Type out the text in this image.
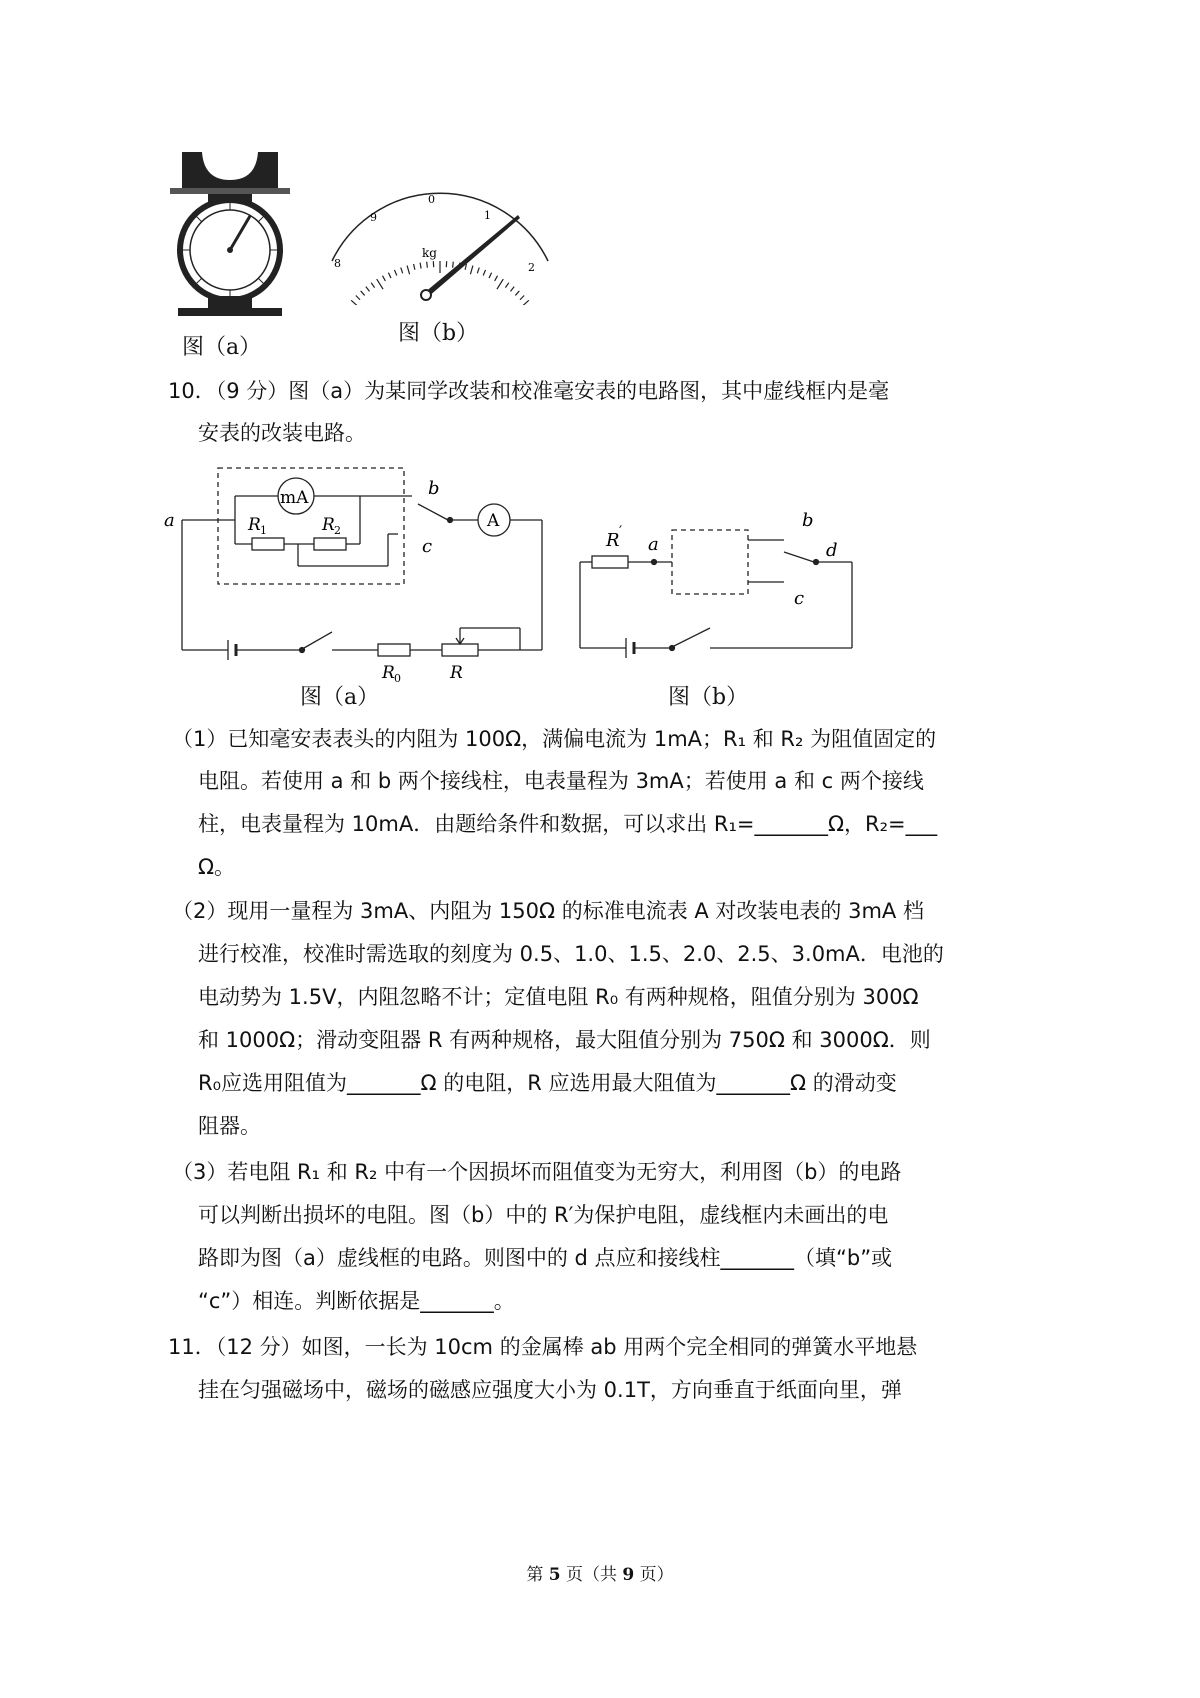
图（a）
8
9
0
1
2
kg
图（b）
10．（9 分）图（a）为某同学改装和校准毫安表的电路图，其中虚线框内是毫
安表的改装电路。
a
b
c
mA
A
R 1	R 2
R 0	R
图（a）
R ′
a
b
d
c
图（b）
（1）已知毫安表表头的内阻为 100Ω，满偏电流为 1mA；R₁ 和 R₂ 为阻值固定的
电阻。若使用 a 和 b 两个接线柱，电表量程为 3mA；若使用 a 和 c 两个接线
柱，电表量程为 10mA．由题给条件和数据，可以求出 R₁=_______Ω，R₂=___
Ω。
（2）现用一量程为 3mA、内阻为 150Ω 的标准电流表 A 对改装电表的 3mA 档
进行校准，校准时需选取的刻度为 0.5、1.0、1.5、2.0、2.5、3.0mA．电池的
电动势为 1.5V，内阻忽略不计；定值电阻 R₀ 有两种规格，阻值分别为 300Ω
和 1000Ω；滑动变阻器 R 有两种规格，最大阻值分别为 750Ω 和 3000Ω．则
R₀应选用阻值为_______Ω 的电阻，R 应选用最大阻值为_______Ω 的滑动变
阻器。
（3）若电阻 R₁ 和 R₂ 中有一个因损坏而阻值变为无穷大，利用图（b）的电路
可以判断出损坏的电阻。图（b）中的 R′为保护电阻，虚线框内未画出的电
路即为图（a）虚线框的电路。则图中的 d 点应和接线柱_______（填“b”或
“c”）相连。判断依据是_______。
11．（12 分）如图，一长为 10cm 的金属棒 ab 用两个完全相同的弹簧水平地悬
挂在匀强磁场中，磁场的磁感应强度大小为 0.1T，方向垂直于纸面向里，弹
第 5 页（共 9 页）
